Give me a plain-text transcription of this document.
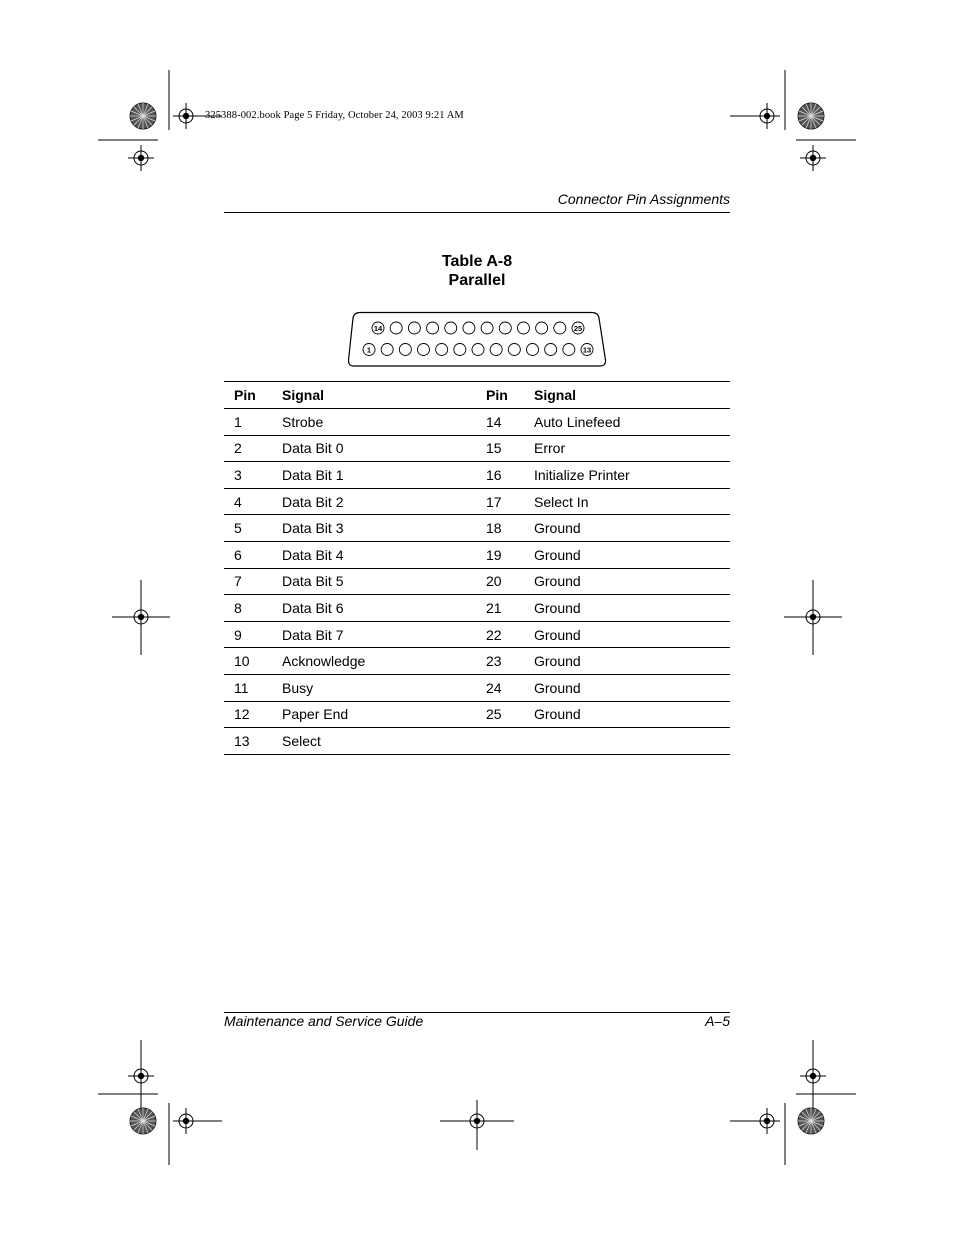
325388-002.book Page 5 Friday, October 24, 2003 9:21 AM
Connector Pin Assignments
Table A-8
Parallel
14	25
1	13
Pin	Signal	Pin	Signal
1	Strobe	14	Auto Linefeed
2	Data Bit 0	15	Error
3	Data Bit 1	16	Initialize Printer
4	Data Bit 2	17	Select In
5	Data Bit 3	18	Ground
6	Data Bit 4	19	Ground
7	Data Bit 5	20	Ground
8	Data Bit 6	21	Ground
9	Data Bit 7	22	Ground
10	Acknowledge	23	Ground
11	Busy	24	Ground
12	Paper End	25	Ground
13	Select		
Maintenance and Service Guide	A–5
